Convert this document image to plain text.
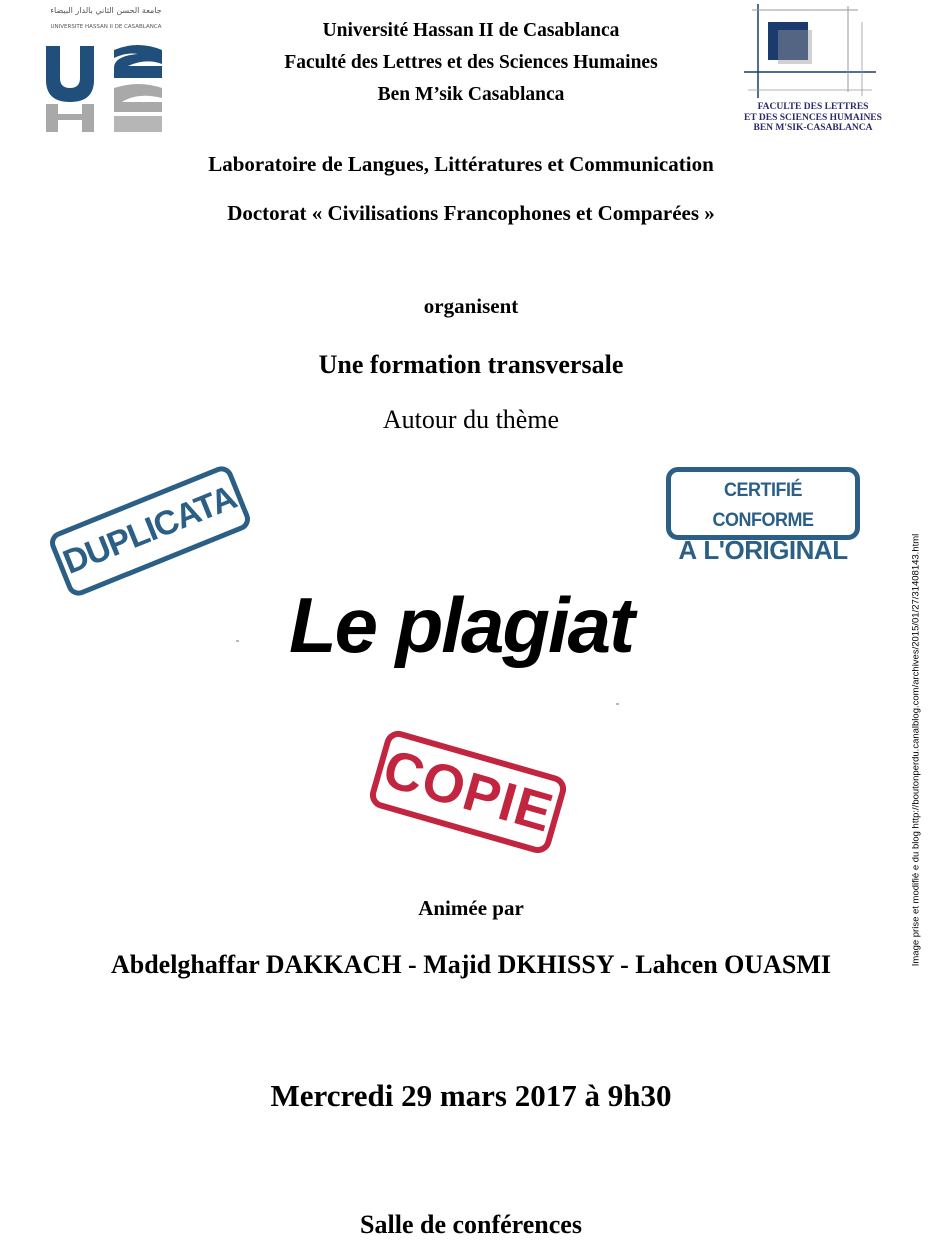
جامعة الحسن الثاني بالدار البيضاء
UNIVERSITÉ HASSAN II DE CASABLANCA	Université Hassan II de Casablanca
Faculté des Lettres et des Sciences Humaines
Ben M’sik Casablanca
FACULTE DES LETTRES
ET DES SCIENCES HUMAINES
BEN M'SIK-CASABLANCA
Laboratoire de Langues, Littératures et Communication
Doctorat « Civilisations Francophones et Comparées »
organisent
Une formation transversale
Autour du thème
DUPLICATA	CERTIFIÉ CONFORME
À L'ORIGINAL
Le plagiat
COPIE
Animée par
Abdelghaffar DAKKACH - Majid DKHISSY - Lahcen OUASMI
Mercredi 29 mars 2017 à 9h30
Salle de conférences
Image prise et modifié e du blog http://boutonperdu.canalblog.com/archives/2015/01/27/31408143.html
